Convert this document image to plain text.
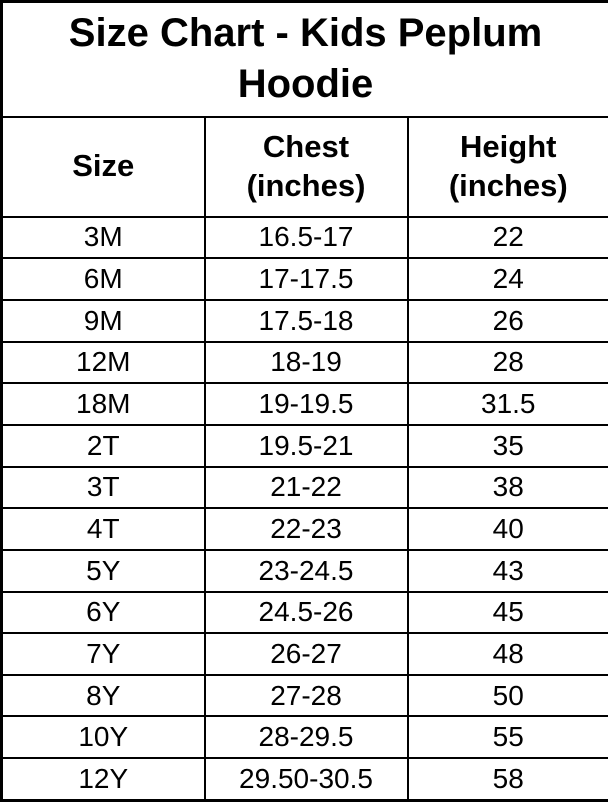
Size Chart - Kids Peplum Hoodie		
Size	Chest (inches)	Height (inches)
3M	16.5-17	22
6M	17-17.5	24
9M	17.5-18	26
12M	18-19	28
18M	19-19.5	31.5
2T	19.5-21	35
3T	21-22	38
4T	22-23	40
5Y	23-24.5	43
6Y	24.5-26	45
7Y	26-27	48
8Y	27-28	50
10Y	28-29.5	55
12Y	29.50-30.5	58
